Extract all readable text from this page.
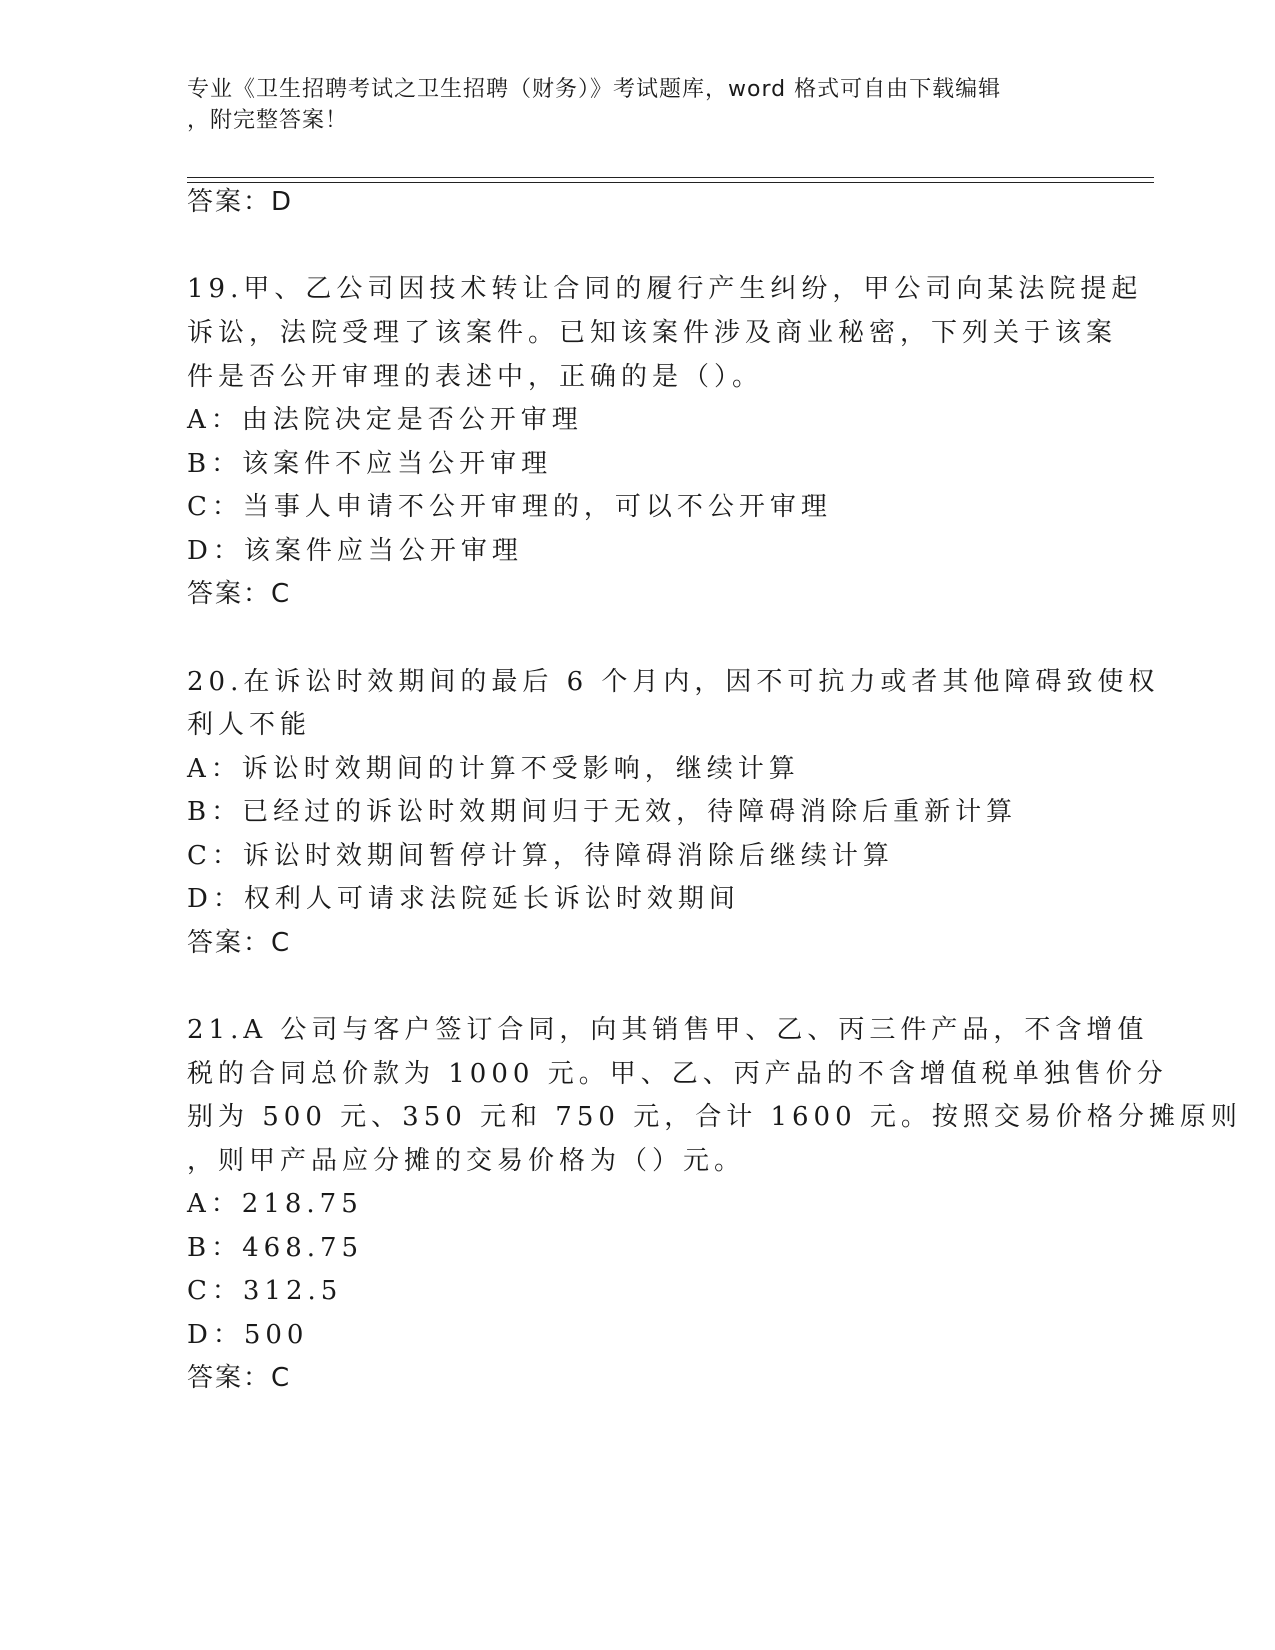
专业《卫生招聘考试之卫生招聘（财务）》考试题库，word 格式可自由下载编辑
，附完整答案！

答案：D

19.甲、乙公司因技术转让合同的履行产生纠纷，甲公司向某法院提起

诉讼，法院受理了该案件。已知该案件涉及商业秘密，下列关于该案

件是否公开审理的表述中，正确的是（）。

A：由法院决定是否公开审理

B：该案件不应当公开审理

C：当事人申请不公开审理的，可以不公开审理

D：该案件应当公开审理

答案：C

20.在诉讼时效期间的最后 6 个月内，因不可抗力或者其他障碍致使权

利人不能

A：诉讼时效期间的计算不受影响，继续计算

B：已经过的诉讼时效期间归于无效，待障碍消除后重新计算

C：诉讼时效期间暂停计算，待障碍消除后继续计算

D：权利人可请求法院延长诉讼时效期间

答案：C

21.A 公司与客户签订合同，向其销售甲、乙、丙三件产品，不含增值

税的合同总价款为 1000 元。甲、乙、丙产品的不含增值税单独售价分

别为 500 元、350 元和 750 元，合计 1600 元。按照交易价格分摊原则

，则甲产品应分摊的交易价格为（）元。

A：218.75

B：468.75

C：312.5

D：500

答案：C
